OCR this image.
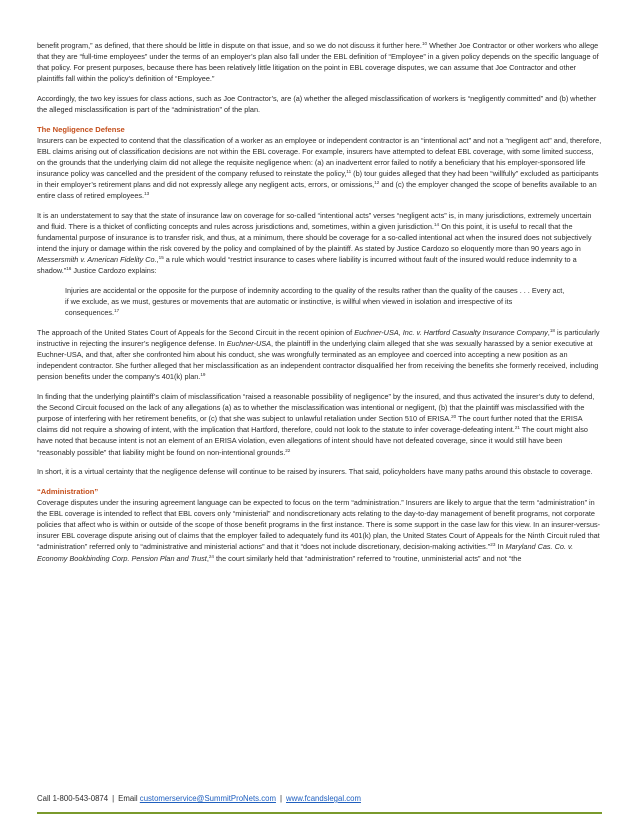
benefit program,” as defined, that there should be little in dispute on that issue, and so we do not discuss it further here.$^{10}$ Whether Joe Contractor or other workers who allege that they are “full-time employees” under the terms of an employer’s plan also fall under the EBL definition of “Employee” in a given policy depends on the specific language of that policy. For present purposes, because there has been relatively little litigation on the point in EBL coverage disputes, we can assume that Joe Contractor and other plaintiffs fall within the policy’s definition of “Employee.”

Accordingly, the two key issues for class actions, such as Joe Contractor’s, are (a) whether the alleged misclassification of workers is “negligently committed” and (b) whether the alleged misclassification is part of the “administration” of the plan.

The Negligence Defense

Insurers can be expected to contend that the classification of a worker as an employee or independent contractor is an “intentional act” and not a “negligent act” and, therefore, EBL claims arising out of classification decisions are not within the EBL coverage. For example, insurers have attempted to defeat EBL coverage, with some limited success, on the grounds that the underlying claim did not allege the requisite negligence when: (a) an inadvertent error failed to notify a beneficiary that his employer-sponsored life insurance policy was cancelled and the president of the company refused to reinstate the policy,$^{11}$ (b) tour guides alleged that they had been “willfully” excluded as participants in their employer’s retirement plans and did not expressly allege any negligent acts, errors, or omissions,$^{12}$ and (c) the employer changed the scope of benefits available to an entire class of retired employees.$^{13}$

It is an understatement to say that the state of insurance law on coverage for so-called “intentional acts” verses “negligent acts” is, in many jurisdictions, extremely uncertain and fluid. There is a thicket of conflicting concepts and rules across jurisdictions and, sometimes, within a given jurisdiction.$^{14}$ On this point, it is useful to recall that the fundamental purpose of insurance is to transfer risk, and thus, at a minimum, there should be coverage for a so-called intentional act when the insured does not subjectively intend the injury or damage within the risk covered by the policy and complained of by the plaintiff. As stated by Justice Cardozo so eloquently more than 90 years ago in Messersmith v. American Fidelity Co.,$^{15}$ a rule which would “restrict insurance to cases where liability is incurred without fault of the insured would reduce indemnity to a shadow.”$^{16}$ Justice Cardozo explains:

Injuries are accidental or the opposite for the purpose of indemnity according to the quality of the results rather than the quality of the causes . . . Every act, if we exclude, as we must, gestures or movements that are automatic or instinctive, is willful when viewed in isolation and irrespective of its consequences.$^{17}$

The approach of the United States Court of Appeals for the Second Circuit in the recent opinion of Euchner-USA, Inc. v. Hartford Casualty Insurance Company,$^{18}$ is particularly instructive in rejecting the insurer’s negligence defense. In Euchner-USA, the plaintiff in the underlying claim alleged that she was sexually harassed by a senior executive at Euchner-USA, and that, after she confronted him about his conduct, she was wrongfully terminated as an employee and coerced into accepting a new position as an independent contractor. She further alleged that her misclassification as an independent contractor disqualified her from receiving the benefits she formerly received, including pension benefits under the company’s 401(k) plan.$^{19}$

In finding that the underlying plaintiff’s claim of misclassification “raised a reasonable possibility of negligence” by the insured, and thus activated the insurer’s duty to defend, the Second Circuit focused on the lack of any allegations (a) as to whether the misclassification was intentional or negligent, (b) that the plaintiff was misclassified with the purpose of interfering with her retirement benefits, or (c) that she was subject to unlawful retaliation under Section 510 of ERISA.$^{20}$ The court further noted that the ERISA claims did not require a showing of intent, with the implication that Hartford, therefore, could not look to the statute to infer coverage-defeating intent.$^{21}$ The court might also have noted that because intent is not an element of an ERISA violation, even allegations of intent should have not defeated coverage, since it would still have been “reasonably possible” that liability might be found on non-intentional grounds.$^{22}$

In short, it is a virtual certainty that the negligence defense will continue to be raised by insurers. That said, policyholders have many paths around this obstacle to coverage.

“Administration”

Coverage disputes under the insuring agreement language can be expected to focus on the term “administration.” Insurers are likely to argue that the term “administration” in the EBL coverage is intended to reflect that EBL covers only “ministerial” and nondiscretionary acts relating to the day-to-day management of benefit programs, not corporate policies that affect who is within or outside of the scope of those benefit programs in the first instance. There is some support in the case law for this view. In an insurer-versus-insurer EBL coverage dispute arising out of claims that the employer failed to adequately fund its 401(k) plan, the United States Court of Appeals for the Ninth Circuit ruled that “administration” referred only to “administrative and ministerial actions” and that it “does not include discretionary, decision-making activities.”$^{23}$ In Maryland Cas. Co. v. Economy Bookbinding Corp. Pension Plan and Trust,$^{24}$ the court similarly held that “administration” referred to “routine, unministerial acts” and not “the

Call 1-800-543-0874 | Email customerservice@SummitProNets.com | www.fcandslegal.com
